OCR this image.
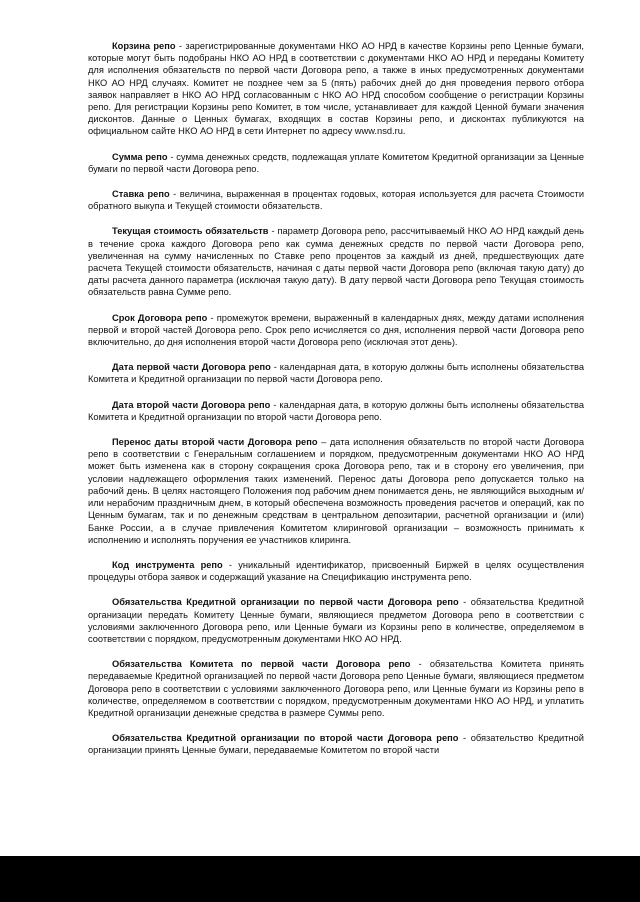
Корзина репо - зарегистрированные документами НКО АО НРД в качестве Корзины репо Ценные бумаги, которые могут быть подобраны НКО АО НРД в соответствии с документами НКО АО НРД и переданы Комитету для исполнения обязательств по первой части Договора репо, а также в иных предусмотренных документами НКО АО НРД случаях. Комитет не позднее чем за 5 (пять) рабочих дней до дня проведения первого отбора заявок направляет в НКО АО НРД согласованным с НКО АО НРД способом сообщение о регистрации Корзины репо. Для регистрации Корзины репо Комитет, в том числе, устанавливает для каждой Ценной бумаги значения дисконтов. Данные о Ценных бумагах, входящих в состав Корзины репо, и дисконтах публикуются на официальном сайте НКО АО НРД в сети Интернет по адресу www.nsd.ru.

Сумма репо - сумма денежных средств, подлежащая уплате Комитетом Кредитной организации за Ценные бумаги по первой части Договора репо.

Ставка репо - величина, выраженная в процентах годовых, которая используется для расчета Стоимости обратного выкупа и Текущей стоимости обязательств.

Текущая стоимость обязательств - параметр Договора репо, рассчитываемый НКО АО НРД каждый день в течение срока каждого Договора репо как сумма денежных средств по первой части Договора репо, увеличенная на сумму начисленных по Ставке репо процентов за каждый из дней, предшествующих дате расчета Текущей стоимости обязательств, начиная с даты первой части Договора репо (включая такую дату) до даты расчета данного параметра (исключая такую дату). В дату первой части Договора репо Текущая стоимость обязательств равна Сумме репо.

Срок Договора репо - промежуток времени, выраженный в календарных днях, между датами исполнения первой и второй частей Договора репо. Срок репо исчисляется со дня, исполнения первой части Договора репо включительно, до дня исполнения второй части Договора репо (исключая этот день).

Дата первой части Договора репо - календарная дата, в которую должны быть исполнены обязательства Комитета и Кредитной организации по первой части Договора репо.

Дата второй части Договора репо - календарная дата, в которую должны быть исполнены обязательства Комитета и Кредитной организации по второй части Договора репо.

Перенос даты второй части Договора репо – дата исполнения обязательств по второй части Договора репо в соответствии с Генеральным соглашением и порядком, предусмотренным документами НКО АО НРД может быть изменена как в сторону сокращения срока Договора репо, так и в сторону его увеличения, при условии надлежащего оформления таких изменений. Перенос даты Договора репо допускается только на рабочий день. В целях настоящего Положения под рабочим днем понимается день, не являющийся выходным и/или нерабочим праздничным днем, в который обеспечена возможность проведения расчетов и операций, как по Ценным бумагам, так и по денежным средствам в центральном депозитарии, расчетной организации и (или) Банке России, а в случае привлечения Комитетом клиринговой организации – возможность принимать к исполнению и исполнять поручения ее участников клиринга.

Код инструмента репо - уникальный идентификатор, присвоенный Биржей в целях осуществления процедуры отбора заявок и содержащий указание на Спецификацию инструмента репо.

Обязательства Кредитной организации по первой части Договора репо - обязательства Кредитной организации передать Комитету Ценные бумаги, являющиеся предметом Договора репо в соответствии с условиями заключенного Договора репо, или Ценные бумаги из Корзины репо в количестве, определяемом в соответствии с порядком, предусмотренным документами НКО АО НРД.

Обязательства Комитета по первой части Договора репо - обязательства Комитета принять передаваемые Кредитной организацией по первой части Договора репо Ценные бумаги, являющиеся предметом Договора репо в соответствии с условиями заключенного Договора репо, или Ценные бумаги из Корзины репо в количестве, определяемом в соответствии с порядком, предусмотренным документами НКО АО НРД, и уплатить Кредитной организации денежные средства в размере Суммы репо.

Обязательства Кредитной организации по второй части Договора репо - обязательство Кредитной организации принять Ценные бумаги, передаваемые Комитетом по второй части
